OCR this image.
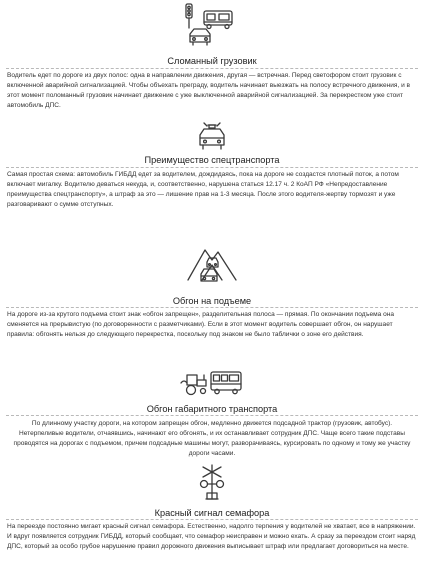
Сломанный грузовик

Водитель едет по дороге из двух полос: одна в направлении движения, другая — встречная. Перед светофором стоит грузовик с включенной аварийной сигнализацией. Чтобы объехать преграду, водитель начинает выезжать на полосу встречного движения, и в этот момент поломанный грузовик начинает движение с уже выключенной аварийной сигнализацией. За перекрестком уже стоит автомобиль ДПС.

Преимущество спецтранспорта

Самая простая схема: автомобиль ГИБДД едет за водителем, дождидаясь, пока на дороге не создастся плотный поток, а потом включает мигалку. Водителю деваться некуда, и, соответственно, нарушена статься 12.17 ч. 2 КоАП РФ «Непредоставление преимущества спецтранспорту», а штраф за это — лишение прав на 1-3 месяца. После этого водителя-жертву тормозят и уже разговаривают о сумме отступных.

Обгон на подъеме

На дороге из-за крутого подъема стоит знак «обгон запрещен», разделительная полоса — прямая. По окончании подъема она сменяется на прерывистую (по договоренности с разметчиками). Если в этот момент водитель совершает обгон, он нарушает правила: обгонять нельзя до следующего перекрестка, поскольку под знаком не было таблички о зоне его действия.

Обгон габаритного транспорта

По длинному участку дороги, на котором запрещен обгон, медленно движется подсадной трактор (грузовик, автобус). Нетерпеливые водители, отчаявшись, начинают его обгонять, и их останавливает сотрудник ДПС. Чаще всего такие подставы проводятся на дорогах с подъемом, причем подсадные машины могут, разворачиваясь, курсировать по одному и тому же участку дороги часами.

Красный сигнал семафора

На переезде постоянно мигает красный сигнал семафора. Естественно, надолго терпения у водителей не хватает, все в напряжении. И вдруг появляется сотрудник ГИБДД, который сообщает, что семафор неисправен и можно ехать. А сразу за переездом стоит наряд ДПС, который за особо грубое нарушение правил дорожного движения выписывает штраф или предлагает договориться на месте.
